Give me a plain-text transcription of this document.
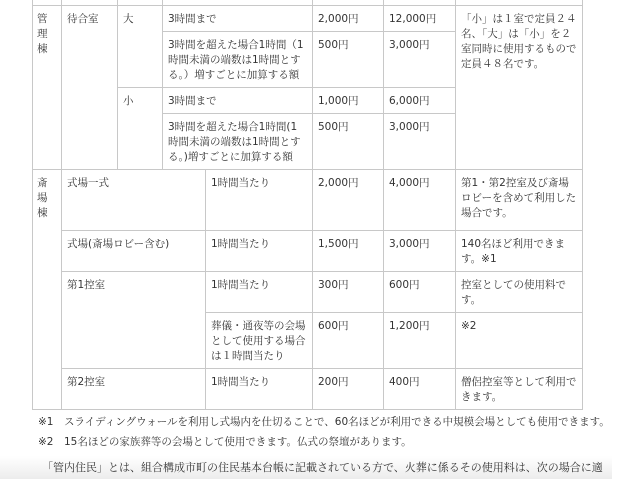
管理棟	待合室	大	3時間まで		2,000円	12,000円	「小」は１室で定員２４名、「大」は「小」を２室同時に使用するもので定員４８名です。
			3時間を超えた場合1時間（1時間未満の端数は1時間とする。）増すごとに加算する額		500円	3,000円	
		小	3時間まで		1,000円	6,000円	
			3時間を超えた場合1時間(1時間未満の端数は1時間とする。)増すごとに加算する額		500円	3,000円	
斎場棟	式場一式			1時間当たり	2,000円	4,000円	第1・第2控室及び斎場ロビーを含めて利用した場合です。
	式場(斎場ロビー含む)			1時間当たり	1,500円	3,000円	140名ほど利用できます。※1
	第1控室			1時間当たり	300円	600円	控室としての使用料です。
				葬儀・通夜等の会場として使用する場合は１時間当たり	600円	1,200円	※2
	第2控室			1時間当たり	200円	400円	僧侶控室等として利用できます。
※1　スライディングウォールを利用し式場内を仕切ることで、60名ほどが利用できる中規模会場としても使用できます。
※2　15名ほどの家族葬等の会場として使用できます。仏式の祭壇があります。
「管内住民」とは、組合構成市町の住民基本台帳に記載されている方で、火葬に係るその使用料は、次の場合に適
